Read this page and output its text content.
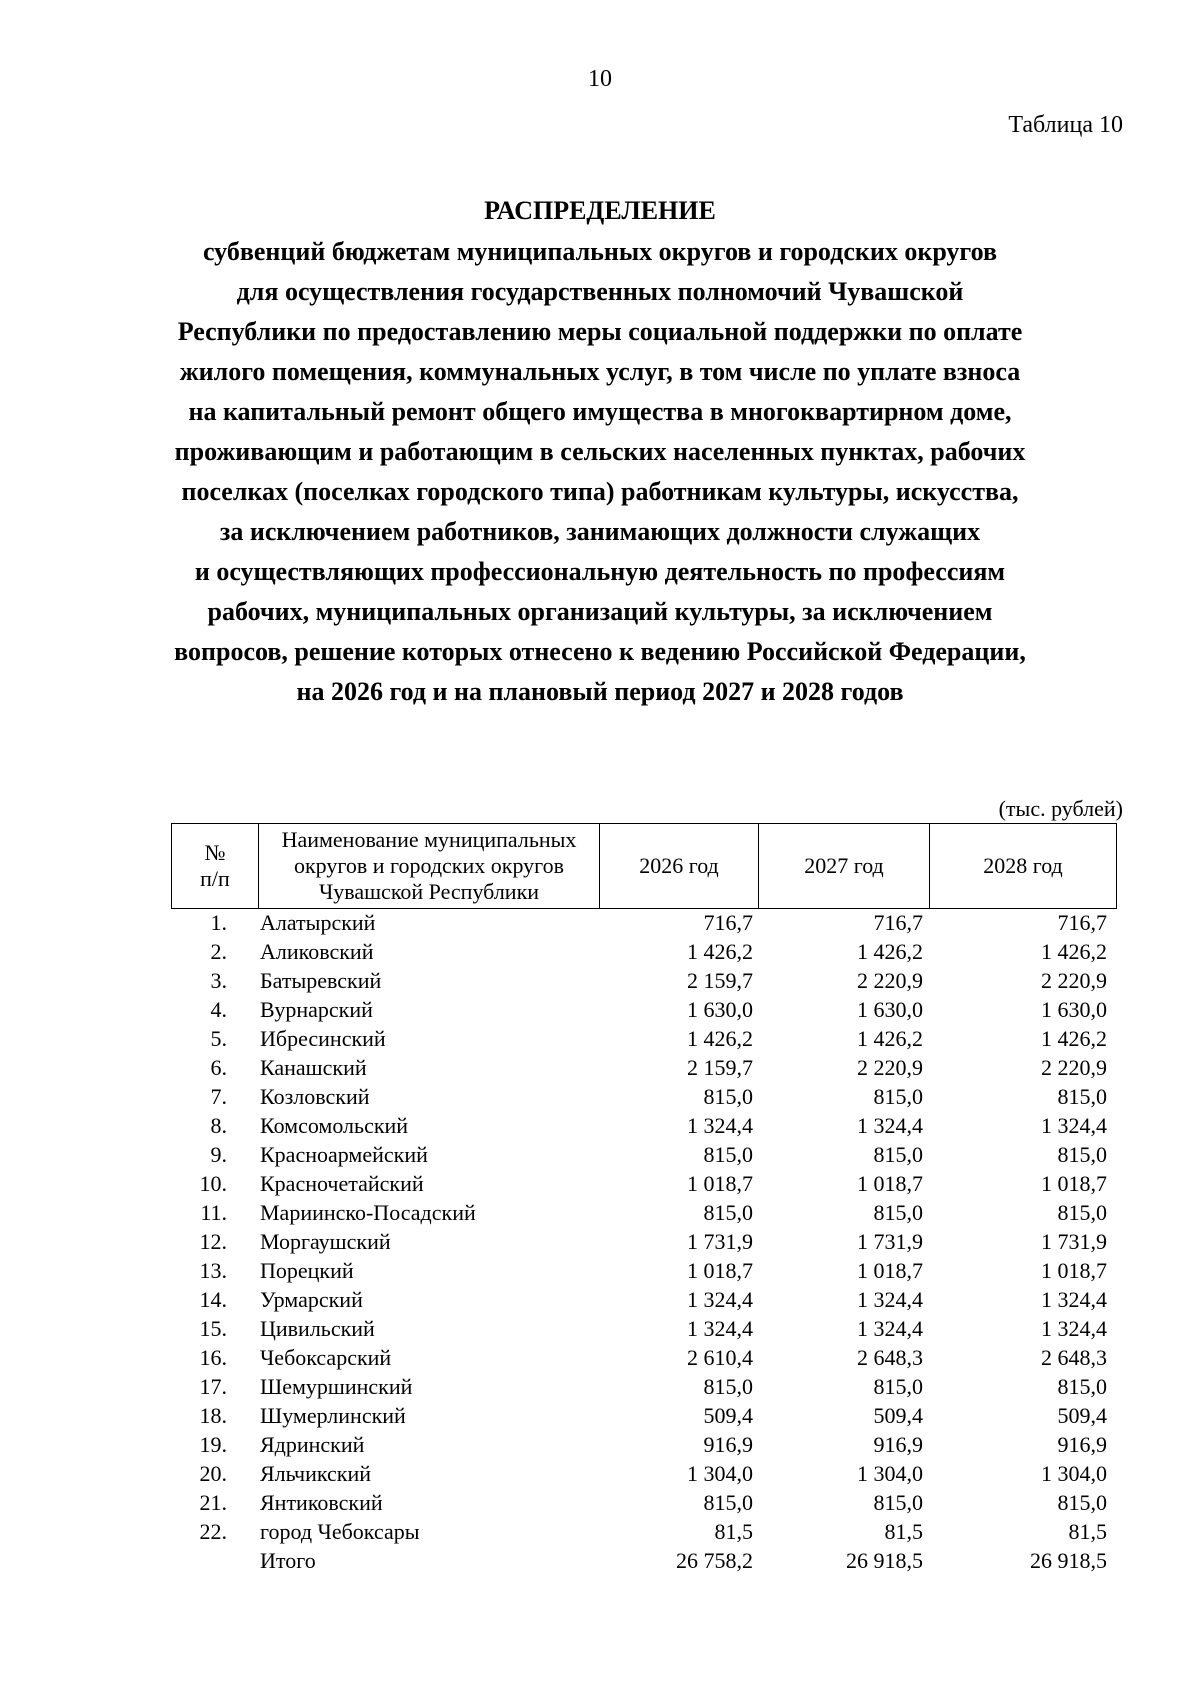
10
Таблица 10
РАСПРЕДЕЛЕНИЕ
субвенций бюджетам муниципальных округов и городских округов
для осуществления государственных полномочий Чувашской
Республики по предоставлению меры социальной поддержки по оплате
жилого помещения, коммунальных услуг, в том числе по уплате взноса
на капитальный ремонт общего имущества в многоквартирном доме,
проживающим и работающим в сельских населенных пунктах, рабочих
поселках (поселках городского типа) работникам культуры, искусства,
за исключением работников, занимающих должности служащих
и осуществляющих профессиональную деятельность по профессиям
рабочих, муниципальных организаций культуры, за исключением
вопросов, решение которых отнесено к ведению Российской Федерации,
на 2026 год и на плановый период 2027 и 2028 годов
(тыс. рублей)
№
п/п

Наименование муниципальных
округов и городских округов
Чувашской Республики
	2026 год	2027 год	2028 год
1. Алатырский	716,7	716,7	716,7
2. Аликовский	1 426,2	1 426,2	1 426,2
3. Батыревский	2 159,7	2 220,9	2 220,9
4. Вурнарский	1 630,0	1 630,0	1 630,0
5. Ибресинский	1 426,2	1 426,2	1 426,2
6. Канашский	2 159,7	2 220,9	2 220,9
7. Козловский	815,0	815,0	815,0
8. Комсомольский	1 324,4	1 324,4	1 324,4
9. Красноармейский	815,0	815,0	815,0
10. Красночетайский	1 018,7	1 018,7	1 018,7
11. Мариинско-Посадский	815,0	815,0	815,0
12. Моргаушский	1 731,9	1 731,9	1 731,9
13. Порецкий	1 018,7	1 018,7	1 018,7
14. Урмарский	1 324,4	1 324,4	1 324,4
15. Цивильский	1 324,4	1 324,4	1 324,4
16. Чебоксарский	2 610,4	2 648,3	2 648,3
17. Шемуршинский	815,0	815,0	815,0
18. Шумерлинский	509,4	509,4	509,4
19. Ядринский	916,9	916,9	916,9
20. Яльчикский	1 304,0	1 304,0	1 304,0
21. Янтиковский	815,0	815,0	815,0
22. город Чебоксары	81,5	81,5	81,5
Итого	26 758,2	26 918,5	26 918,5
